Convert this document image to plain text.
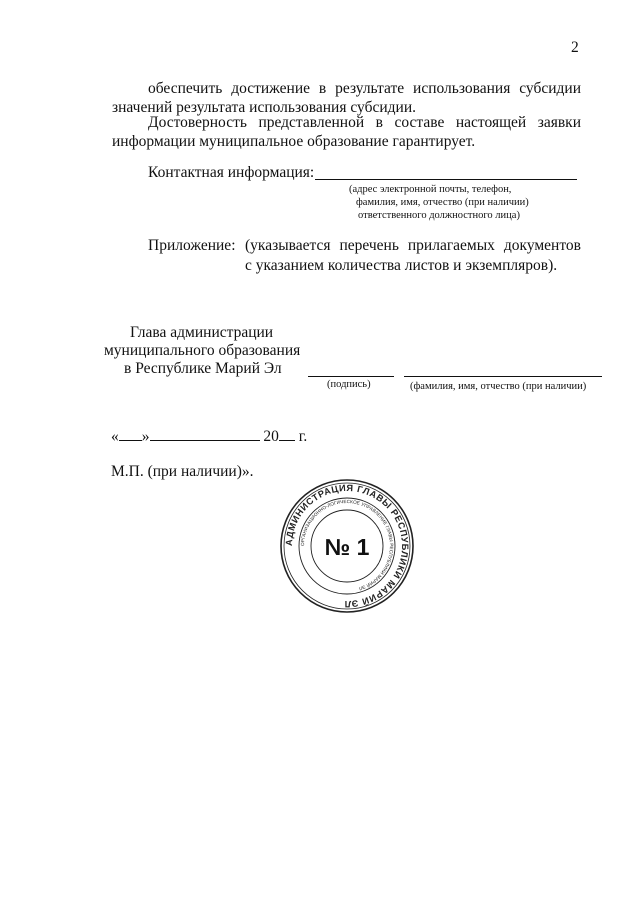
2
обеспечить достижение в результате использования субсидии
значений результата использования субсидии.
Достоверность представленной в составе настоящей заявки
информации муниципальное образование гарантирует.
Контактная информация:
(адрес электронной почты, телефон,
фамилия, имя, отчество (при наличии)
ответственного должностного лица)
Приложение: (указывается перечень прилагаемых документов
с указанием количества листов и экземпляров).
Глава администрации
муниципального образования
в Республике Марий Эл
(подпись)	(фамилия, имя, отчество (при наличии)
« »	20 г.
М.П. (при наличии)».
АДМИНИСТРАЦИЯ ГЛАВЫ РЕСПУБЛИКИ МАРИЙ ЭЛ
ОРГАНИЗАЦИОННО-ЛОГИЧЕСКОЕ УПРАВЛЕНИЕ ГЛАВЫ РЕСПУБЛИКИ МАРИЙ ЭЛ
№ 1
